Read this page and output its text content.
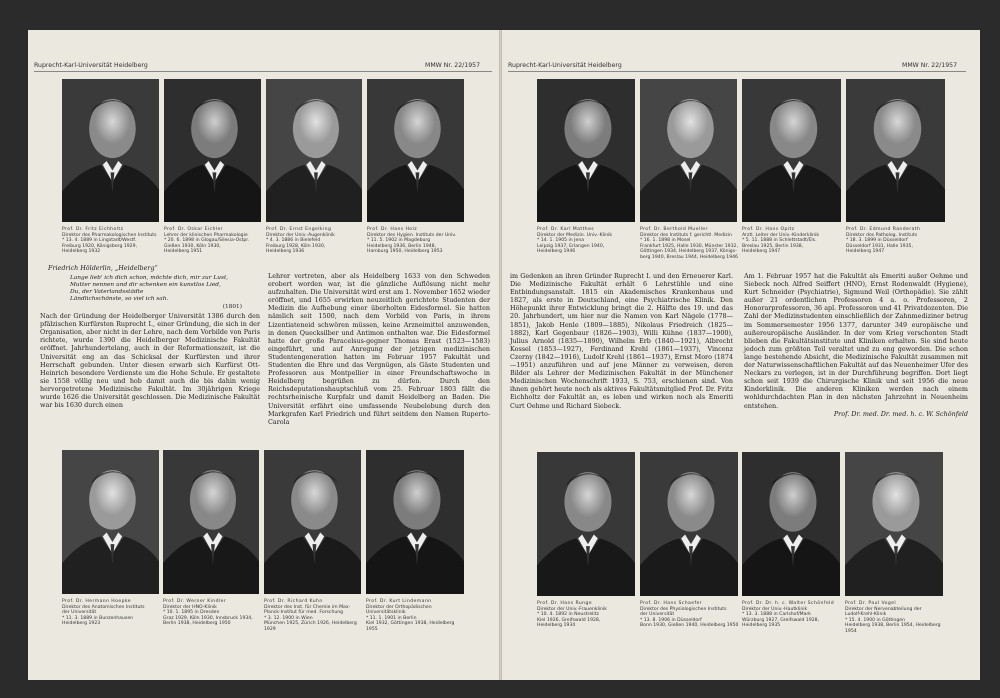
Ruprecht-Karl-Universität Heidelberg	MMW Nr. 22/1957	Ruprecht-Karl-Universität Heidelberg	MMW Nr. 22/1957
Prof. Dr. Fritz Eichholtz
Direktor des Pharmakologischen Instituts
* 13. 4. 1889 in Lingstadt/Westf.
Freiburg 1920, Königsberg 1929,
Heidelberg 1932
Prof. Dr. Oskar Eichler
Lehrer der klinischen Pharmakologie
* 20. 6. 1898 in Glogau/Silesia-Ostpr.
Gießen 1930, Köln 1930,
Heidelberg 1951
Prof. Dr. Ernst Engelking
Direktor der Univ.-Augenklinik
* 4. 3. 1886 in Bielefeld
Freiburg 1928, Köln 1930,
Heidelberg 1936
Prof. Dr. Hans Holz
Direktor des Hygien. Instituts der Univ.
* 11. 5. 1902 in Magdeburg
Heidelberg 1936, Berlin 1948,
Hamburg 1950, Heidelberg 1953
Prof. Dr. Karl Matthes
Direktor der Medizin. Univ.-Klinik
* 14. 1. 1905 in Jena
Leipzig 1937, Erlangen 1940,
Heidelberg 1946
Prof. Dr. Berthold Mueller
Direktor des Instituts f. gerichtl. Medizin
* 16. 1. 1898 in Mosel
Frankfurt 1925, Halle 1930, Münster 1932,
Göttingen 1934, Heidelberg 1937, Königs-
berg 1940, Breslau 1944, Heidelberg 1946
Prof. Dr. Hans Opitz
Arztl. Leiter der Univ.-Kinderklinik
* 5. 11. 1888 in Schlettstadt/Els.
Breslau 1925, Berlin 1938,
Heidelberg 1947
Prof. Dr. Edmund Randerath
Direktor des Patholog. Instituts
* 18. 3. 1899 in Düsseldorf
Düsseldorf 1931, Halle 1935,
Heidelberg 1947
Prof. Dr. Hermann Hoepke
Direktor des Anatomischen Instituts
der Universität
* 11. 3. 1889 in Bunzenhausen
Heidelberg 1923
Prof. Dr. Werner Kindler
Direktor der HNO-Klinik
* 10. 1. 1895 in Dresden
Graz 1929, Köln 1930, Innsbruck 1934,
Berlin 1938, Heidelberg 1950
Prof. Dr. Richard Kuhn
Direktor des Inst. für Chemie im Max-
Planck-Institut für med. Forschung
* 3. 12. 1900 in Wien
München 1925, Zürich 1926, Heidelberg 1929
Prof. Dr. Kurt Lindemann
Direktor der Orthopädischen
Universitätsklinik
* 11. 1. 1901 in Berlin
Kiel 1932, Göttingen 1938, Heidelberg 1955
Prof. Dr. Hans Runge
Direktor der Univ.-Frauenklinik
* 10. 4. 1892 in Neustrelitz
Kiel 1926, Greifswald 1928,
Heidelberg 1934
Prof. Dr. Hans Schaefer
Direktor des Physiologischen Instituts
der Universität
* 13. 8. 1906 in Düsseldorf
Bonn 1930, Gießen 1940, Heidelberg 1950
Prof. Dr. Dr. h. c. Walter Schönfeld
Direktor der Univ.-Hautklinik
* 13. 3. 1888 in Carlshof/Mark
Würzburg 1927, Greifswald 1928,
Heidelberg 1935
Prof. Dr. Paul Vogel
Direktor der Nervenabteilung der
Ludolf-Krehl-Klinik
* 15. 4. 1900 in Göttingen
Heidelberg 1938, Berlin 1954, Heidelberg 1954
Friedrich Hölderlin, „Heidelberg“
Lange lieb' ich dich schon, möchte dich, mir zur Lust,
Mutter nennen und dir schenken ein kunstlos Lied,
Du, der Vaterlandsstädte
Ländlichschönste, so viel ich sah.
(1801)

Nach der Gründung der Heidelberger Universität 1386 durch den pfälzischen Kurfürsten Ruprecht I., einer Gründung, die sich in der Organisation, aber nicht in der Lehre, nach dem Vorbilde von Paris richtete, wurde 1390 die Heidelberger Medizinische Fakultät eröffnet. Jahrhundertelang, auch in der Reformationszeit, ist die Universität eng an das Schicksal der Kurfürsten und ihrer Herrschaft gebunden. Unter diesen erwarb sich Kurfürst Ott-Heinrich besondere Verdienste um die Hohe Schule. Er gestaltete sie 1558 völlig neu und hob damit auch die bis dahin wenig hervorgetretene Medizinische Fakultät. Im 30jährigen Kriege wurde 1626 die Universität geschlossen. Die Medizinische Fakultät war bis 1630 durch einen

Lehrer vertreten, aber als Heidelberg 1633 von den Schweden erobert worden war, ist die gänzliche Auflösung nicht mehr aufzuhalten. Die Universität wird erst am 1. November 1652 wieder eröffnet, und 1655 erwirken neuzeitlich gerichtete Studenten der Medizin die Aufhebung einer überholten Eidesformel. Sie hatten nämlich seit 1500, nach dem Vorbild von Paris, in ihrem Lizentiateneid schwören müssen, keine Arzneimittel anzuwenden, in denen Quecksilber und Antimon enthalten war. Die Eidesformel hatte der große Paracelsus-gegner Thomas Erast (1523—1583) eingeführt, und auf Anregung der jetzigen medizinischen Studentengeneration hatten im Februar 1957 Fakultät und Studenten die Ehre und das Vergnügen, als Gäste Studenten und Professoren aus Montpellier in einer Freundschaftswoche in Heidelberg begrüßen zu dürfen. Durch den Reichsdeputationshauptschluß vom 25. Februar 1803 fällt die rechtsrheinische Kurpfalz und damit Heidelberg an Baden. Die Universität erfährt eine umfassende Neubelebung durch den Markgrafen Karl Friedrich und führt seitdem den Namen Ruperto-Carola

im Gedenken an ihren Gründer Ruprecht I. und den Erneuerer Karl. Die Medizinische Fakultät erhält 6 Lehrstühle und eine Entbindungsanstalt. 1815 ein Akademisches Krankenhaus und 1827, als erste in Deutschland, eine Psychiatrische Klinik. Den Höhepunkt ihrer Entwicklung bringt die 2. Hälfte des 19. und das 20. Jahrhundert, um hier nur die Namen von Karl Nägele (1778—1851), Jakob Henle (1809—1885), Nikolaus Friedreich (1825—1882), Karl Gegenbaur (1826—1903), Willi Kühne (1837—1900), Julius Arnold (1835—1890), Wilhelm Erb (1840—1921), Albrecht Kossel (1853—1927), Ferdinand Krehl (1861—1937), Vincenz Czerny (1842—1916), Ludolf Krehl (1861—1937), Ernst Moro (1874—1951) anzuführen und auf jene Männer zu verweisen, deren Bilder als Lehrer der Medizinischen Fakultät in der Münchener Medizinischen Wochenschrift 1933, S. 753, erschienen sind. Von ihnen gehört heute noch als aktives Fakultätsmitglied Prof. Dr. Fritz Eichholtz der Fakultät an, es leben und wirken noch als Emeriti Curt Oehme und Richard Siebeck.

Am 1. Februar 1957 hat die Fakultät als Emeriti außer Oehme und Siebeck noch Alfred Seiffert (HNO), Ernst Rodenwaldt (Hygiene), Kurt Schneider (Psychiatrie), Sigmund Weil (Orthopädie). Sie zählt außer 21 ordentlichen Professoren 4 a. o. Professoren, 2 Honorarprofessoren, 36 apl. Professoren und 41 Privatdozenten. Die Zahl der Medizinstudenten einschließlich der Zahnmediziner betrug im Sommersemester 1956 1377, darunter 349 europäische und außereuropäische Ausländer. In der vom Krieg verschonten Stadt blieben die Fakultätsinstitute und Kliniken erhalten. Sie sind heute jedoch zum größten Teil veraltet und zu eng geworden. Die schon lange bestehende Absicht, die Medizinische Fakultät zusammen mit der Naturwissenschaftlichen Fakultät auf das Neuenheimer Ufer des Neckars zu verlegen, ist in der Durchführung begriffen. Dort liegt schon seit 1939 die Chirurgische Klinik und seit 1956 die neue Kinderklinik. Die anderen Kliniken werden nach einem wohldurchdachten Plan in den nächsten Jahrzehnt in Neuenheim entstehen.

Prof. Dr. med. Dr. med. h. c. W. Schönfeld
